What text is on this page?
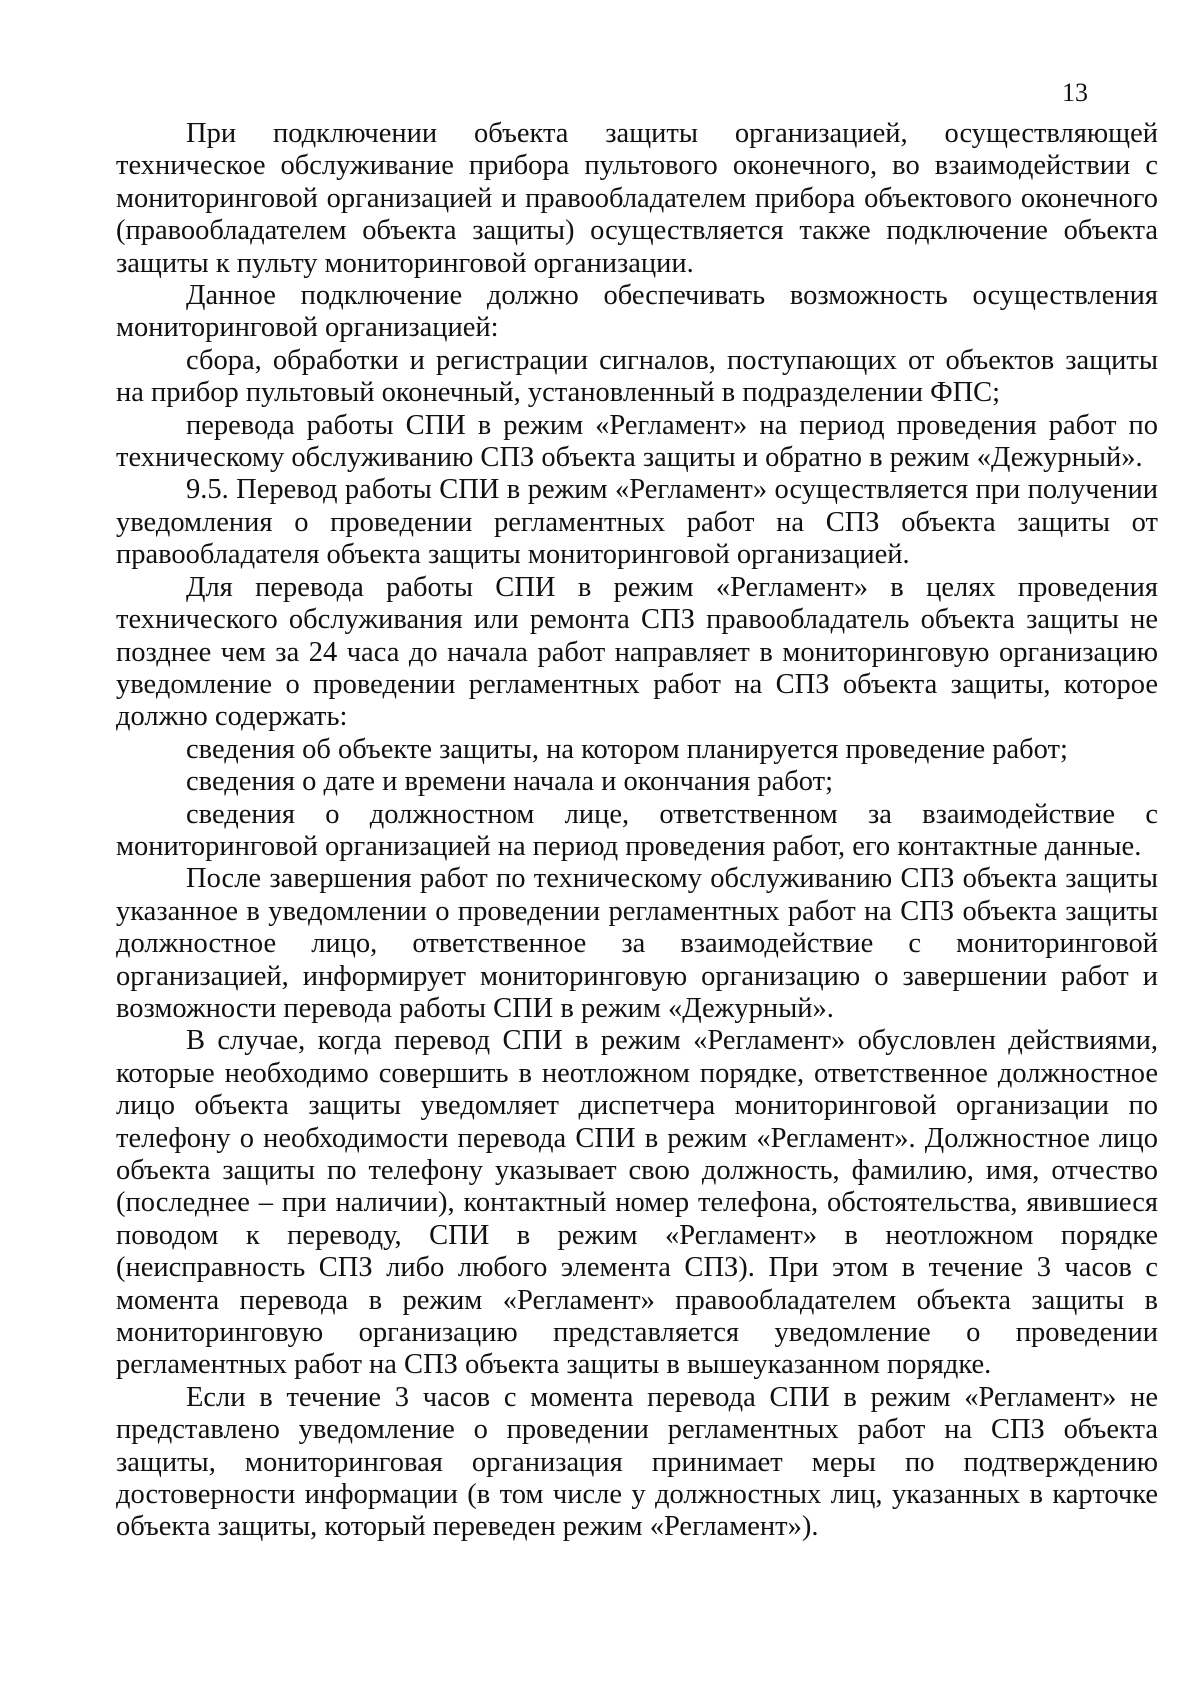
13

При подключении объекта защиты организацией, осуществляющей техническое обслуживание прибора пультового оконечного, во взаимодействии с мониторинговой организацией и правообладателем прибора объектового оконечного (правообладателем объекта защиты) осуществляется также подключение объекта защиты к пульту мониторинговой организации.

Данное подключение должно обеспечивать возможность осуществления мониторинговой организацией:

сбора, обработки и регистрации сигналов, поступающих от объектов защиты на прибор пультовый оконечный, установленный в подразделении ФПС;

перевода работы СПИ в режим «Регламент» на период проведения работ по техническому обслуживанию СПЗ объекта защиты и обратно в режим «Дежурный».

9.5. Перевод работы СПИ в режим «Регламент» осуществляется при получении уведомления о проведении регламентных работ на СПЗ объекта защиты от правообладателя объекта защиты мониторинговой организацией.

Для перевода работы СПИ в режим «Регламент» в целях проведения технического обслуживания или ремонта СПЗ правообладатель объекта защиты не позднее чем за 24 часа до начала работ направляет в мониторинговую организацию уведомление о проведении регламентных работ на СПЗ объекта защиты, которое должно содержать:

сведения об объекте защиты, на котором планируется проведение работ;

сведения о дате и времени начала и окончания работ;

сведения о должностном лице, ответственном за взаимодействие с мониторинговой организацией на период проведения работ, его контактные данные.

После завершения работ по техническому обслуживанию СПЗ объекта защиты указанное в уведомлении о проведении регламентных работ на СПЗ объекта защиты должностное лицо, ответственное за взаимодействие с мониторинговой организацией, информирует мониторинговую организацию о завершении работ и возможности перевода работы СПИ в режим «Дежурный».

В случае, когда перевод СПИ в режим «Регламент» обусловлен действиями, которые необходимо совершить в неотложном порядке, ответственное должностное лицо объекта защиты уведомляет диспетчера мониторинговой организации по телефону о необходимости перевода СПИ в режим «Регламент». Должностное лицо объекта защиты по телефону указывает свою должность, фамилию, имя, отчество (последнее – при наличии), контактный номер телефона, обстоятельства, явившиеся поводом к переводу, СПИ в режим «Регламент» в неотложном порядке (неисправность СПЗ либо любого элемента СПЗ). При этом в течение 3 часов с момента перевода в режим «Регламент» правообладателем объекта защиты в мониторинговую организацию представляется уведомление о проведении регламентных работ на СПЗ объекта защиты в вышеуказанном порядке.

Если в течение 3 часов с момента перевода СПИ в режим «Регламент» не представлено уведомление о проведении регламентных работ на СПЗ объекта защиты, мониторинговая организация принимает меры по подтверждению достоверности информации (в том числе у должностных лиц, указанных в карточке объекта защиты, который переведен режим «Регламент»).
